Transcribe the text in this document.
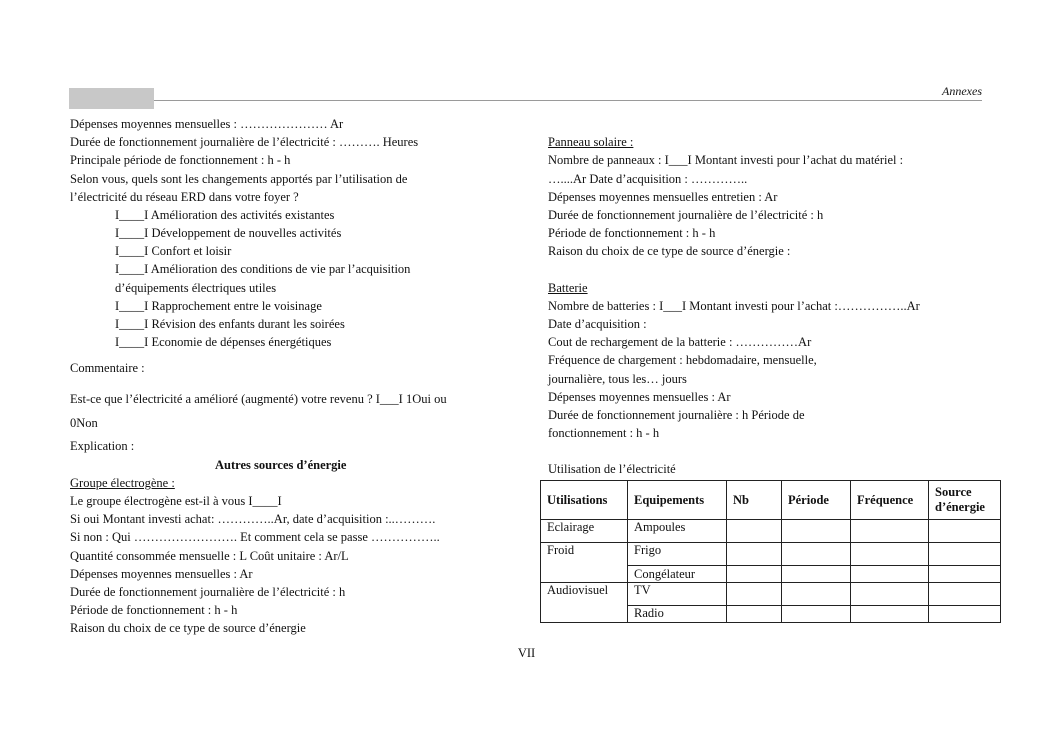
Annexes
Dépenses moyennes mensuelles : ………………… Ar
Durée de fonctionnement journalière de l’électricité : ………. Heures
Principale période de fonctionnement : h - h
Selon vous, quels sont les changements apportés par l’utilisation de
l’électricité du réseau ERD dans votre foyer ?
I____I Amélioration des activités existantes
I____I Développement de nouvelles activités
I____I Confort et loisir
I____I Amélioration des conditions de vie par l’acquisition
d’équipements électriques utiles
I____I Rapprochement entre le voisinage
I____I Révision des enfants durant les soirées
I____I Economie de dépenses énergétiques
Commentaire :
Est-ce que l’électricité a amélioré (augmenté) votre revenu ? I___I 1Oui ou
0Non
Explication :
Autres sources d’énergie
Groupe électrogène :
Le groupe électrogène est-il à vous I____I
Si oui Montant investi achat: …………..Ar, date d’acquisition :..……….
Si non : Qui ……………………. Et comment cela se passe ……………..
Quantité consommée mensuelle : L Coût unitaire : Ar/L
Dépenses moyennes mensuelles : Ar
Durée de fonctionnement journalière de l’électricité : h
Période de fonctionnement : h - h
Raison du choix de ce type de source d’énergie
Panneau solaire :
Nombre de panneaux : I___I Montant investi pour l’achat du matériel :
…....Ar Date d’acquisition : …………..
Dépenses moyennes mensuelles entretien : Ar
Durée de fonctionnement journalière de l’électricité : h
Période de fonctionnement : h - h
Raison du choix de ce type de source d’énergie :
Batterie
Nombre de batteries : I___I Montant investi pour l’achat :……………..Ar
Date d’acquisition :
Cout de rechargement de la batterie : ……………Ar
Fréquence de chargement : hebdomadaire, mensuelle,
journalière, tous les… jours
Dépenses moyennes mensuelles : Ar
Durée de fonctionnement journalière : h Période de
fonctionnement : h - h
Utilisation de l’électricité
Utilisations	Equipements	Nb	Période	Fréquence	Source d’énergie
Eclairage	Ampoules				
Froid	Frigo				
	Congélateur				
Audiovisuel	TV				
	Radio				
VII
